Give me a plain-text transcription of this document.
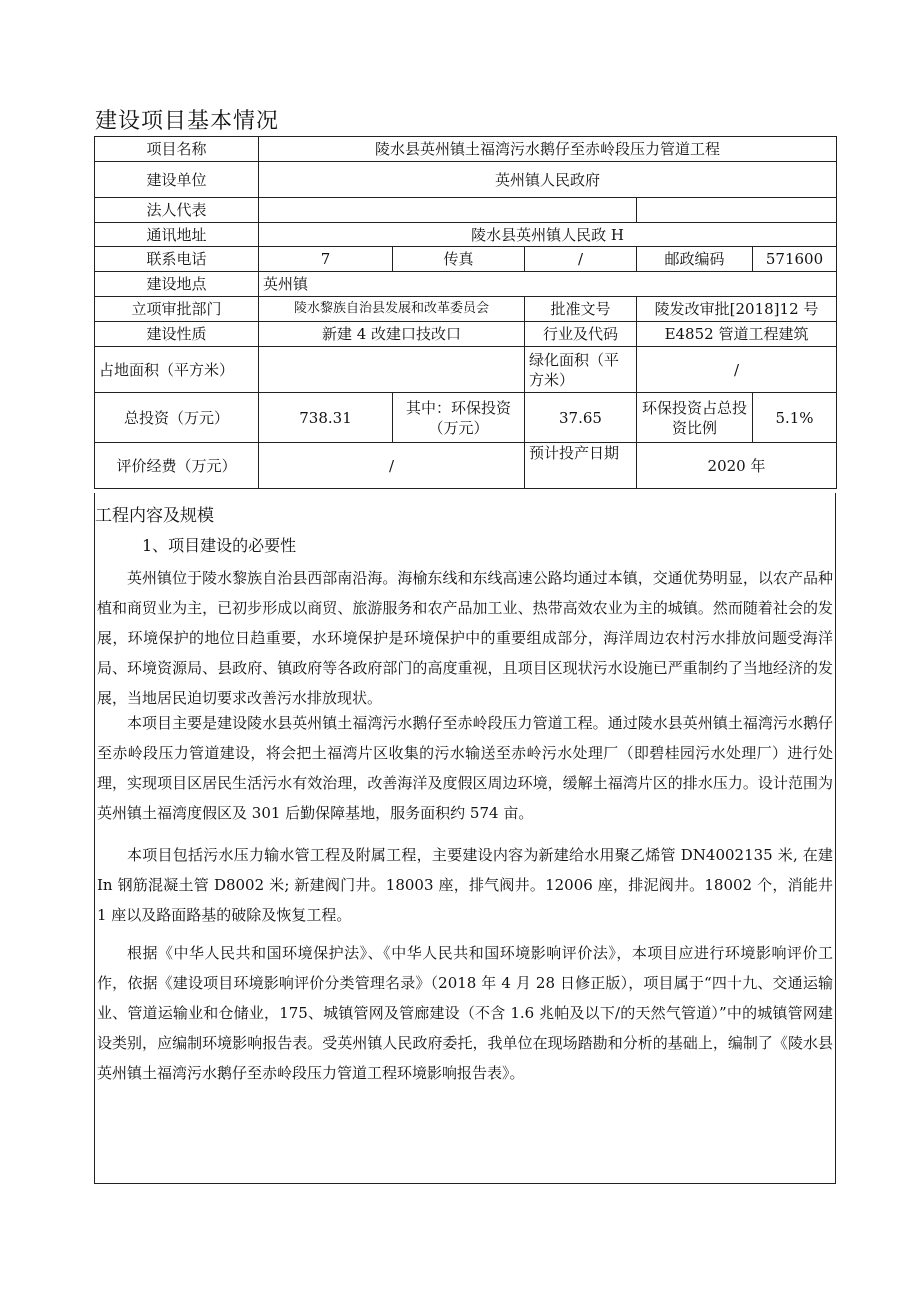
建设项目基本情况
项目名称	陵水县英州镇土福湾污水鹅仔至赤岭段压力管道工程				
建设单位	英州镇人民政府				
法人代表					
通讯地址	陵水县英州镇人民政 H				
联系电话	7	传真	/	邮政编码	571600
建设地点	英州镇				
立项审批部门	陵水黎族自治县发展和改革委员会		批准文号	陵发改审批[2018]12 号	
建设性质	新建 4 改建口技改口		行业及代码	E4852 管道工程建筑	
占地面积（平方米）			绿化面积（平方米）	/	
总投资（万元）	738.31	其中：环保投资（万元）	37.65	环保投资占总投资比例	5.1%
评价经费（万元）	/		预计投产日期	2020 年	
工程内容及规模
1、项目建设的必要性

英州镇位于陵水黎族自治县西部南沿海。海榆东线和东线高速公路均通过本镇，交通优势明显，以农产品种植和商贸业为主，已初步形成以商贸、旅游服务和农产品加工业、热带高效农业为主的城镇。然而随着社会的发展，环境保护的地位日趋重要，水环境保护是环境保护中的重要组成部分，海洋周边农村污水排放问题受海洋局、环境资源局、县政府、镇政府等各政府部门的高度重视，且项目区现状污水设施已严重制约了当地经济的发展，当地居民迫切要求改善污水排放现状。

本项目主要是建设陵水县英州镇土福湾污水鹅仔至赤岭段压力管道工程。通过陵水县英州镇土福湾污水鹅仔至赤岭段压力管道建设，将会把土福湾片区收集的污水输送至赤岭污水处理厂（即碧桂园污水处理厂）进行处理，实现项目区居民生活污水有效治理，改善海洋及度假区周边环境，缓解土福湾片区的排水压力。设计范围为英州镇土福湾度假区及 301 后勤保障基地，服务面积约 574 亩。

本项目包括污水压力输水管工程及附属工程，主要建设内容为新建给水用聚乙烯管 DN4002135 米, 在建 In 钢筋混凝土管 D8002 米; 新建阀门井。18003 座，排气阀井。12006 座，排泥阀井。18002 个，消能井 1 座以及路面路基的破除及恢复工程。

根据《中华人民共和国环境保护法》、《中华人民共和国环境影响评价法》，本项目应进行环境影响评价工作，依据《建设项目环境影响评价分类管理名录》（2018 年 4 月 28 日修正版），项目属于“四十九、交通运输业、管道运输业和仓储业，175、城镇管网及管廊建设（不含 1.6 兆帕及以下/的天然气管道）”中的城镇管网建设类别，应编制环境影响报告表。受英州镇人民政府委托，我单位在现场踏勘和分析的基础上，编制了《陵水县英州镇土福湾污水鹅仔至赤岭段压力管道工程环境影响报告表》。
